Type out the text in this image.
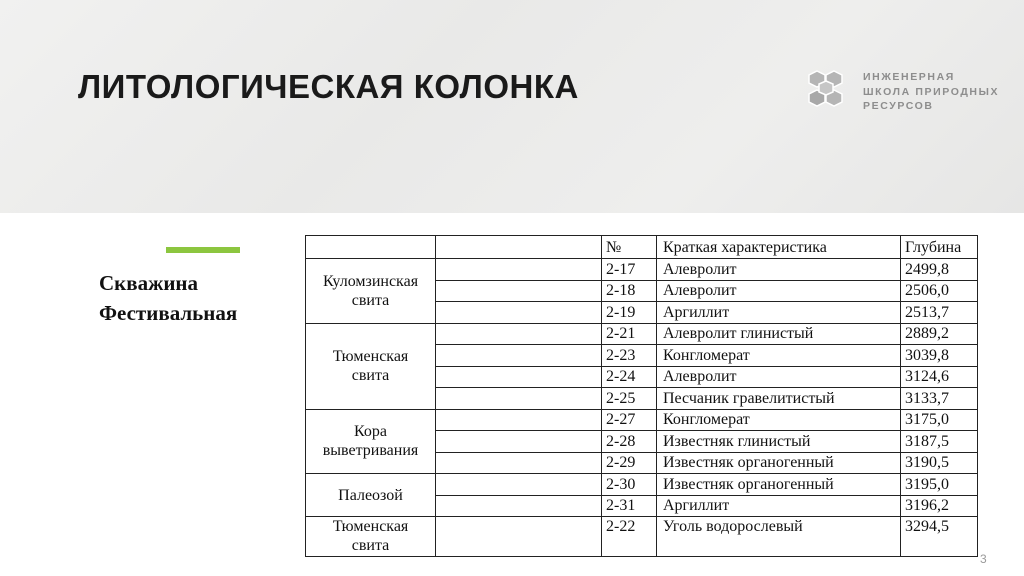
ЛИТОЛОГИЧЕСКАЯ КОЛОНКА	ИНЖЕНЕРНАЯ
ШКОЛА ПРИРОДНЫХ
РЕСУРСОВ
Скважина
Фестивальная
		№	Краткая характеристика	Глубина

Куломзинская
свита		2-17	Алевролит	2499,8
		2-18	Алевролит	2506,0
		2-19	Аргиллит	2513,7

Тюменская
свита		2-21	Алевролит глинистый	2889,2
		2-23	Конгломерат	3039,8
		2-24	Алевролит	3124,6
		2-25	Песчаник гравелитистый	3133,7

Кора
выветривания		2-27	Конгломерат	3175,0
		2-28	Известняк глинистый	3187,5
		2-29	Известняк органогенный	3190,5

Палеозой		2-30	Известняк органогенный	3195,0
		2-31	Аргиллит	3196,2

Тюменская
свита		2-22	Уголь водорослевый	3294,5
3
